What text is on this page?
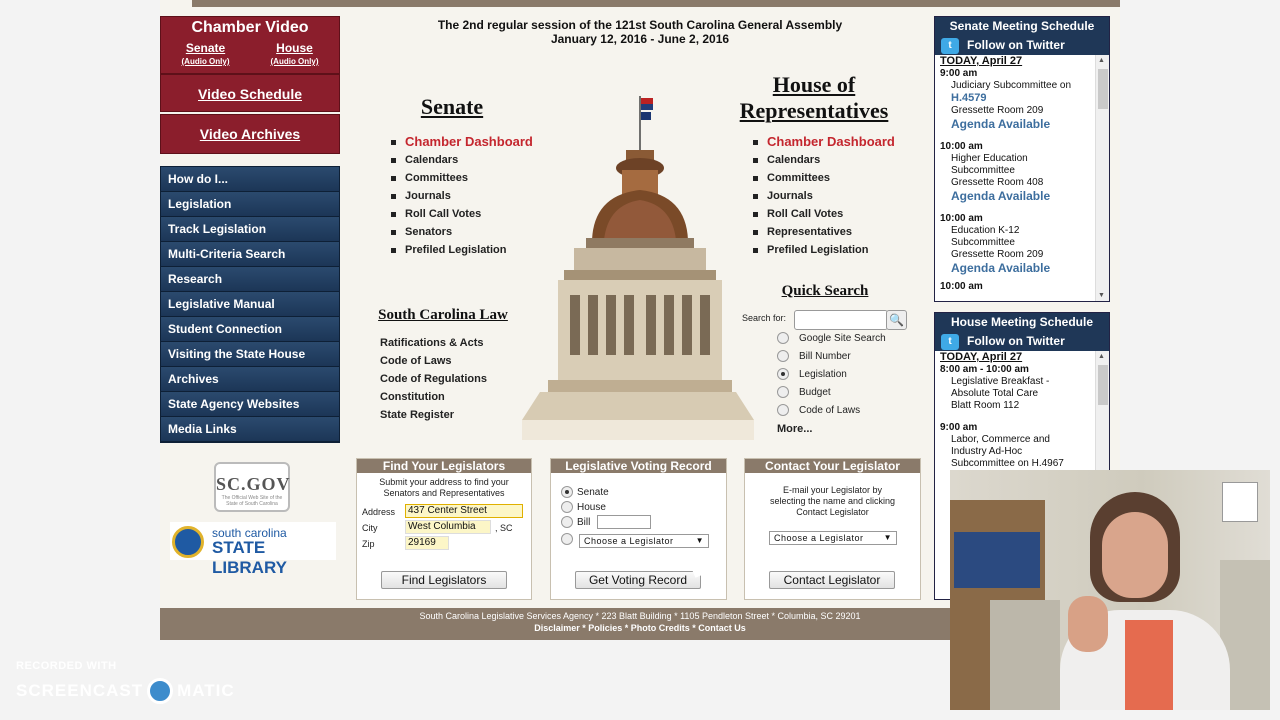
Chamber Video
Senate
(Audio Only)
House
(Audio Only)
Video Schedule
Video Archives
How do I...
Legislation
Track Legislation
Multi-Criteria Search
Research
Legislative Manual
Student Connection
Visiting the State House
Archives
State Agency Websites
Media Links
SC.GOV
The Official Web Site of the State of South Carolina
south carolina
STATE LIBRARY
The 2nd regular session of the 121st South Carolina General Assembly
January 12, 2016 - June 2, 2016
Senate
Chamber Dashboard
Calendars
Committees
Journals
Roll Call Votes
Senators
Prefiled Legislation
House of
Representatives
Chamber Dashboard
Calendars
Committees
Journals
Roll Call Votes
Representatives
Prefiled Legislation
South Carolina Law
Ratifications & Acts
Code of Laws
Code of Regulations
Constitution
State Register
Quick Search
Search for:	🔍
Google Site Search
Bill Number
Legislation
Budget
Code of Laws
More...
Find Your Legislators
Submit your address to find your
Senators and Representatives
Address	437 Center Street
City	West Columbia	, SC
Zip	29169
Find Legislators
Legislative Voting Record
Senate
House
Bill
Choose a Legislator ▼
Get Voting Record
Contact Your Legislator
E-mail your Legislator by
selecting the name and clicking
Contact Legislator
Choose a Legislator ▼
Contact Legislator
South Carolina Legislative Services Agency * 223 Blatt Building * 1105 Pendleton Street * Columbia, SC 29201
Disclaimer * Policies * Photo Credits * Contact Us
Senate Meeting Schedule
t Follow on Twitter
TODAY, April 27
9:00 am
Judiciary Subcommittee on
H.4579
Gressette Room 209
Agenda Available
10:00 am
Higher Education
Subcommittee
Gressette Room 408
Agenda Available
10:00 am
Education K-12
Subcommittee
Gressette Room 209
Agenda Available
10:00 am
▲
▼
House Meeting Schedule
t Follow on Twitter
TODAY, April 27
8:00 am - 10:00 am
Legislative Breakfast -
Absolute Total Care
Blatt Room 112
9:00 am
Labor, Commerce and
Industry Ad-Hoc
Subcommittee on H.4967
▲
RECORDED WITH
SCREENCAST MATIC
